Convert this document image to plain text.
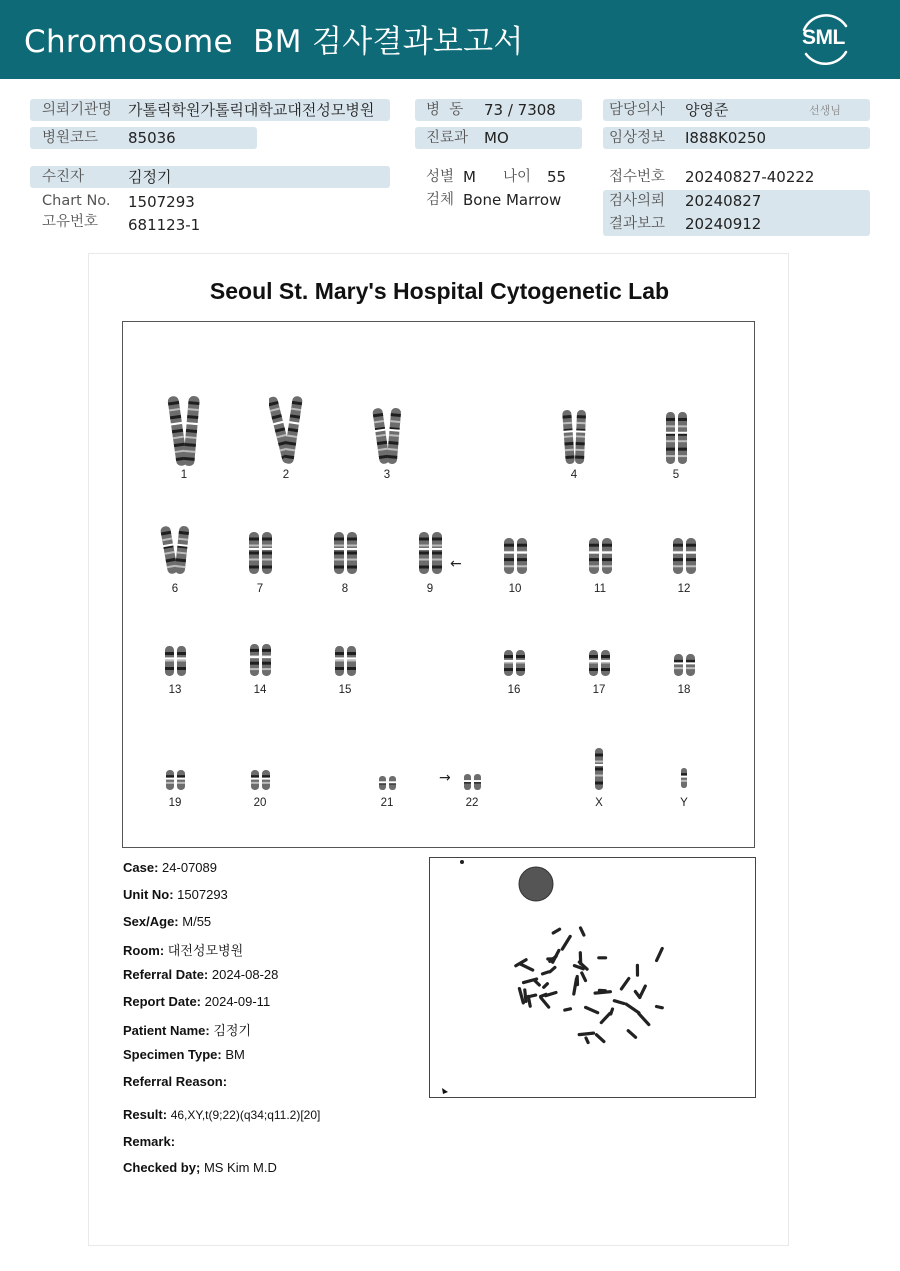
Chromosome  BM 검사결과보고서	SML
의뢰기관명 가톨릭학원가톨릭대학교대전성모병원
병원코드 85036
병  동 73 / 7308
진료과 MO
담당의사 양영준	선생님
임상정보 I888K0250
수진자	김정기
Chart No. 1507293
고유번호 681123-1
성별 M 나이 55
검체 Bone Marrow
접수번호 20240827-40222
검사의뢰 20240827
결과보고 20240912
Seoul St. Mary's Hospital Cytogenetic Lab
1	2	3	4	5
6	7	8	9	10	11	12
13	14	15	16	17	18
19	20	21	22	X	Y
←
→
Case: 24-07089
Unit No: 1507293
Sex/Age: M/55
Room: 대전성모병원
Referral Date: 2024-08-28
Report Date: 2024-09-11
Patient Name: 김정기
Specimen Type: BM
Referral Reason:
Result: 46,XY,t(9;22)(q34;q11.2)[20]
Remark:
Checked by; MS Kim M.D
